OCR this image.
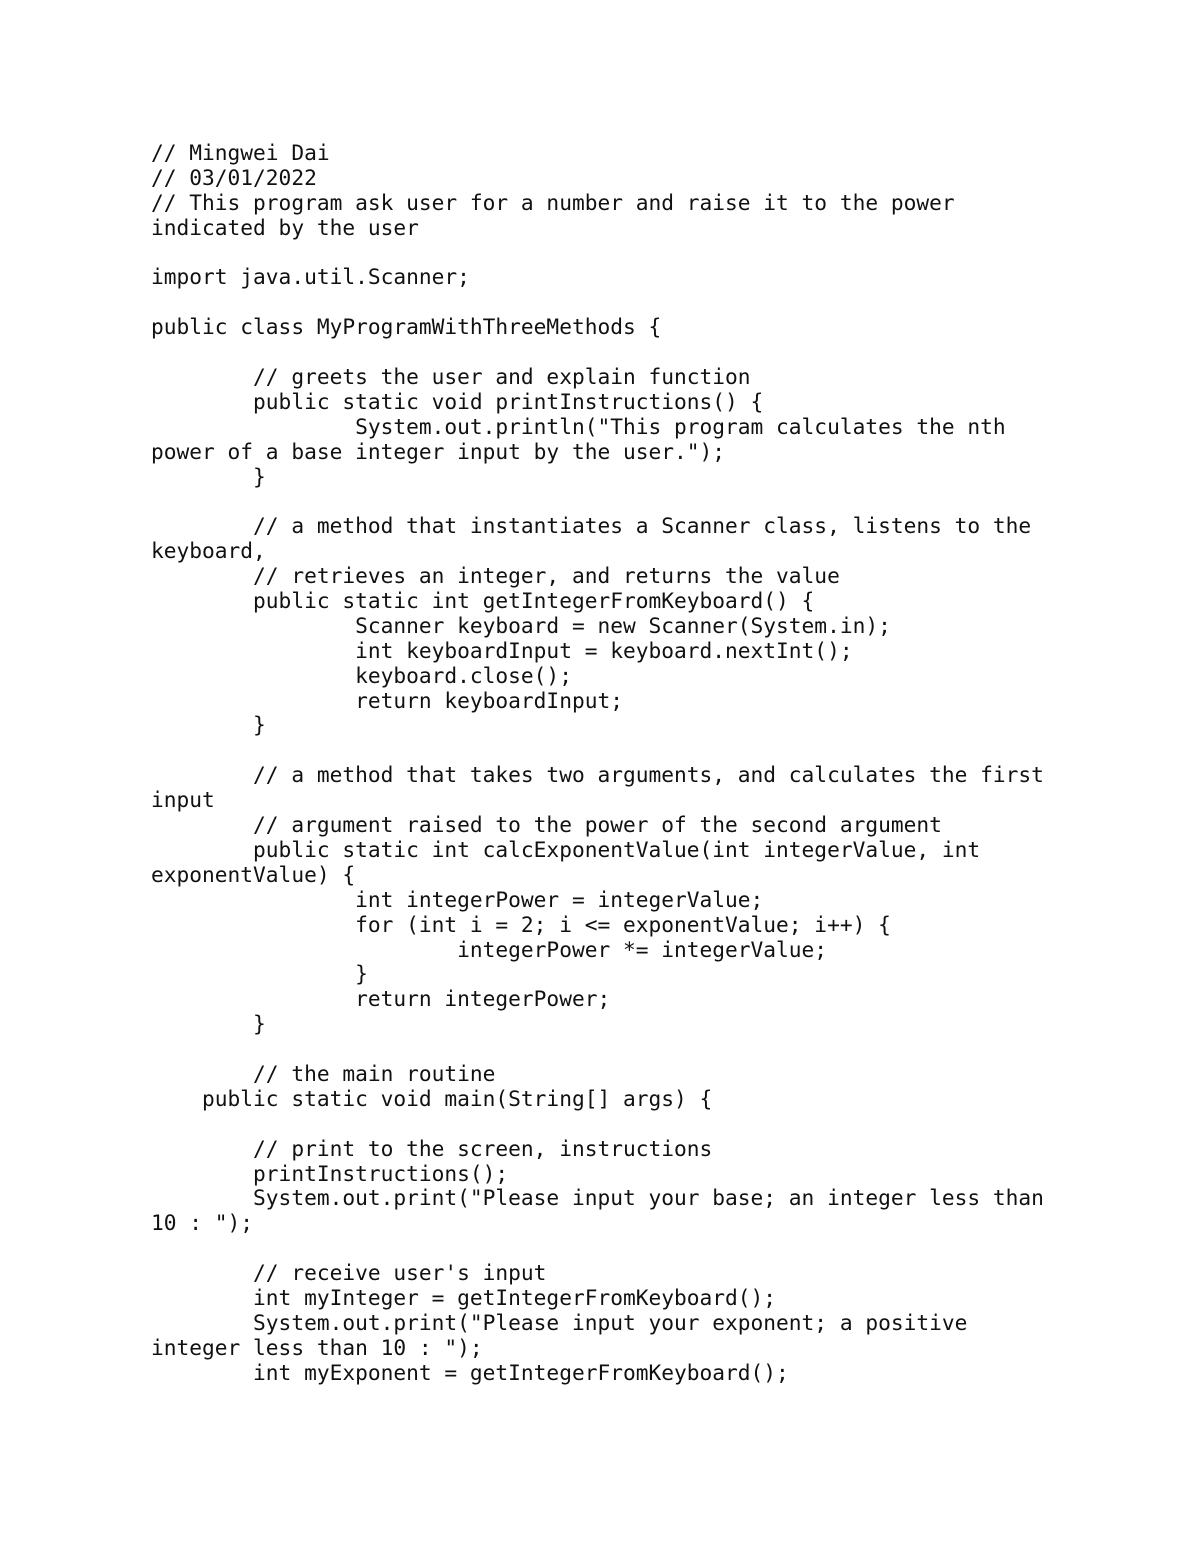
// Mingwei Dai
// 03/01/2022
// This program ask user for a number and raise it to the power
indicated by the user
import java.util.Scanner;
public class MyProgramWithThreeMethods {
// greets the user and explain function
public static void printInstructions() {
System.out.println("This program calculates the nth
power of a base integer input by the user.");
}
// a method that instantiates a Scanner class, listens to the
keyboard,
// retrieves an integer, and returns the value
public static int getIntegerFromKeyboard() {
Scanner keyboard = new Scanner(System.in);
int keyboardInput = keyboard.nextInt();
keyboard.close();
return keyboardInput;
}
// a method that takes two arguments, and calculates the first
input
// argument raised to the power of the second argument
public static int calcExponentValue(int integerValue, int
exponentValue) {
int integerPower = integerValue;
for (int i = 2; i <= exponentValue; i++) {
integerPower *= integerValue;
}
return integerPower;
}
// the main routine
public static void main(String[] args) {
// print to the screen, instructions
printInstructions();
System.out.print("Please input your base; an integer less than
10 : ");
// receive user's input
int myInteger = getIntegerFromKeyboard();
System.out.print("Please input your exponent; a positive
integer less than 10 : ");
int myExponent = getIntegerFromKeyboard();
